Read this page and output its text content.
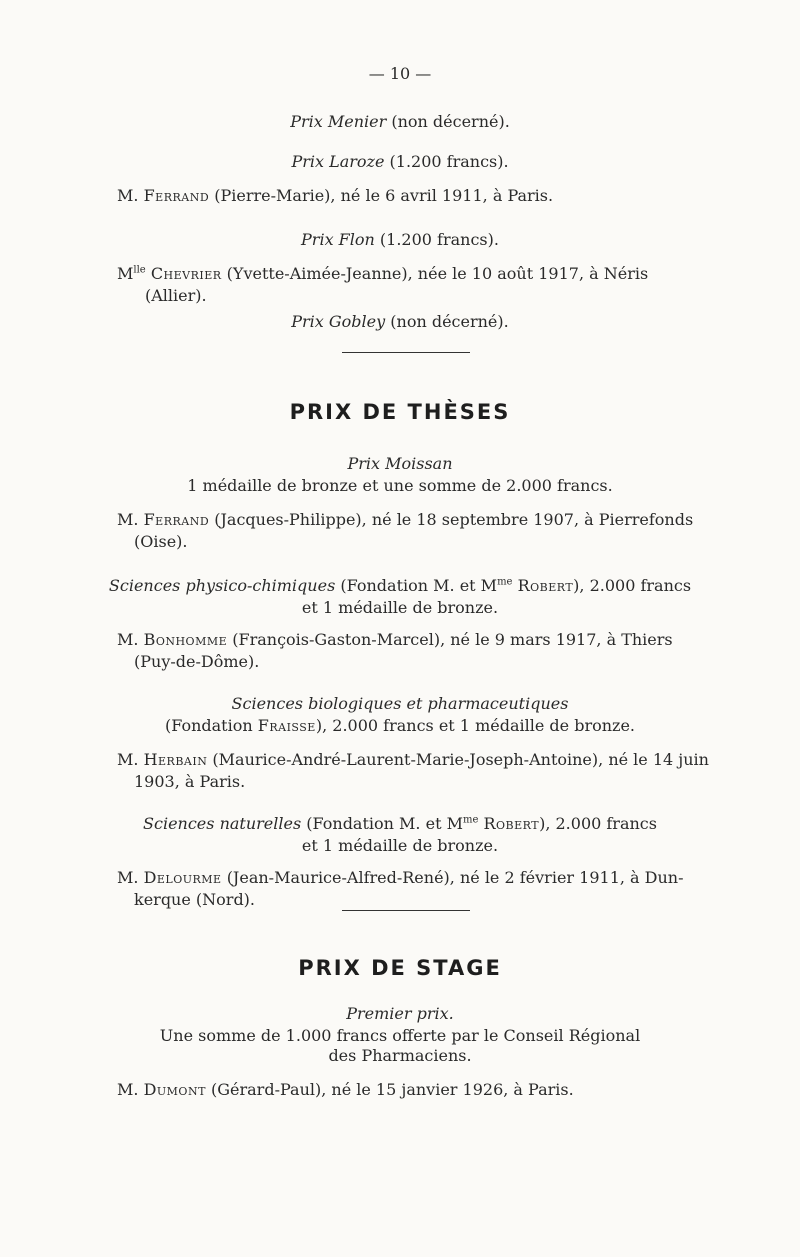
— 10 —
Prix Menier (non décerné).
Prix Laroze (1.200 francs).
M. Ferrand (Pierre-Marie), né le 6 avril 1911, à Paris.
Prix Flon (1.200 francs).
$M^{lle}$ Chevrier (Yvette-Aimée-Jeanne), née le 10 août 1917, à Néris
(Allier).
Prix Gobley (non décerné).
PRIX DE THÈSES
Prix Moissan
1 médaille de bronze et une somme de 2.000 francs.
M. Ferrand (Jacques-Philippe), né le 18 septembre 1907, à Pierrefonds
(Oise).
Sciences physico-chimiques (Fondation M. et $M^{me}$ Robert), 2.000 francs
et 1 médaille de bronze.
M. Bonhomme (François-Gaston-Marcel), né le 9 mars 1917, à Thiers
(Puy-de-Dôme).
Sciences biologiques et pharmaceutiques
(Fondation Fraisse), 2.000 francs et 1 médaille de bronze.
M. Herbain (Maurice-André-Laurent-Marie-Joseph-Antoine), né le 14 juin
1903, à Paris.
Sciences naturelles (Fondation M. et $M^{me}$ Robert), 2.000 francs
et 1 médaille de bronze.
M. Delourme (Jean-Maurice-Alfred-René), né le 2 février 1911, à Dun-
kerque (Nord).
PRIX DE STAGE
Premier prix.
Une somme de 1.000 francs offerte par le Conseil Régional
des Pharmaciens.
M. Dumont (Gérard-Paul), né le 15 janvier 1926, à Paris.
